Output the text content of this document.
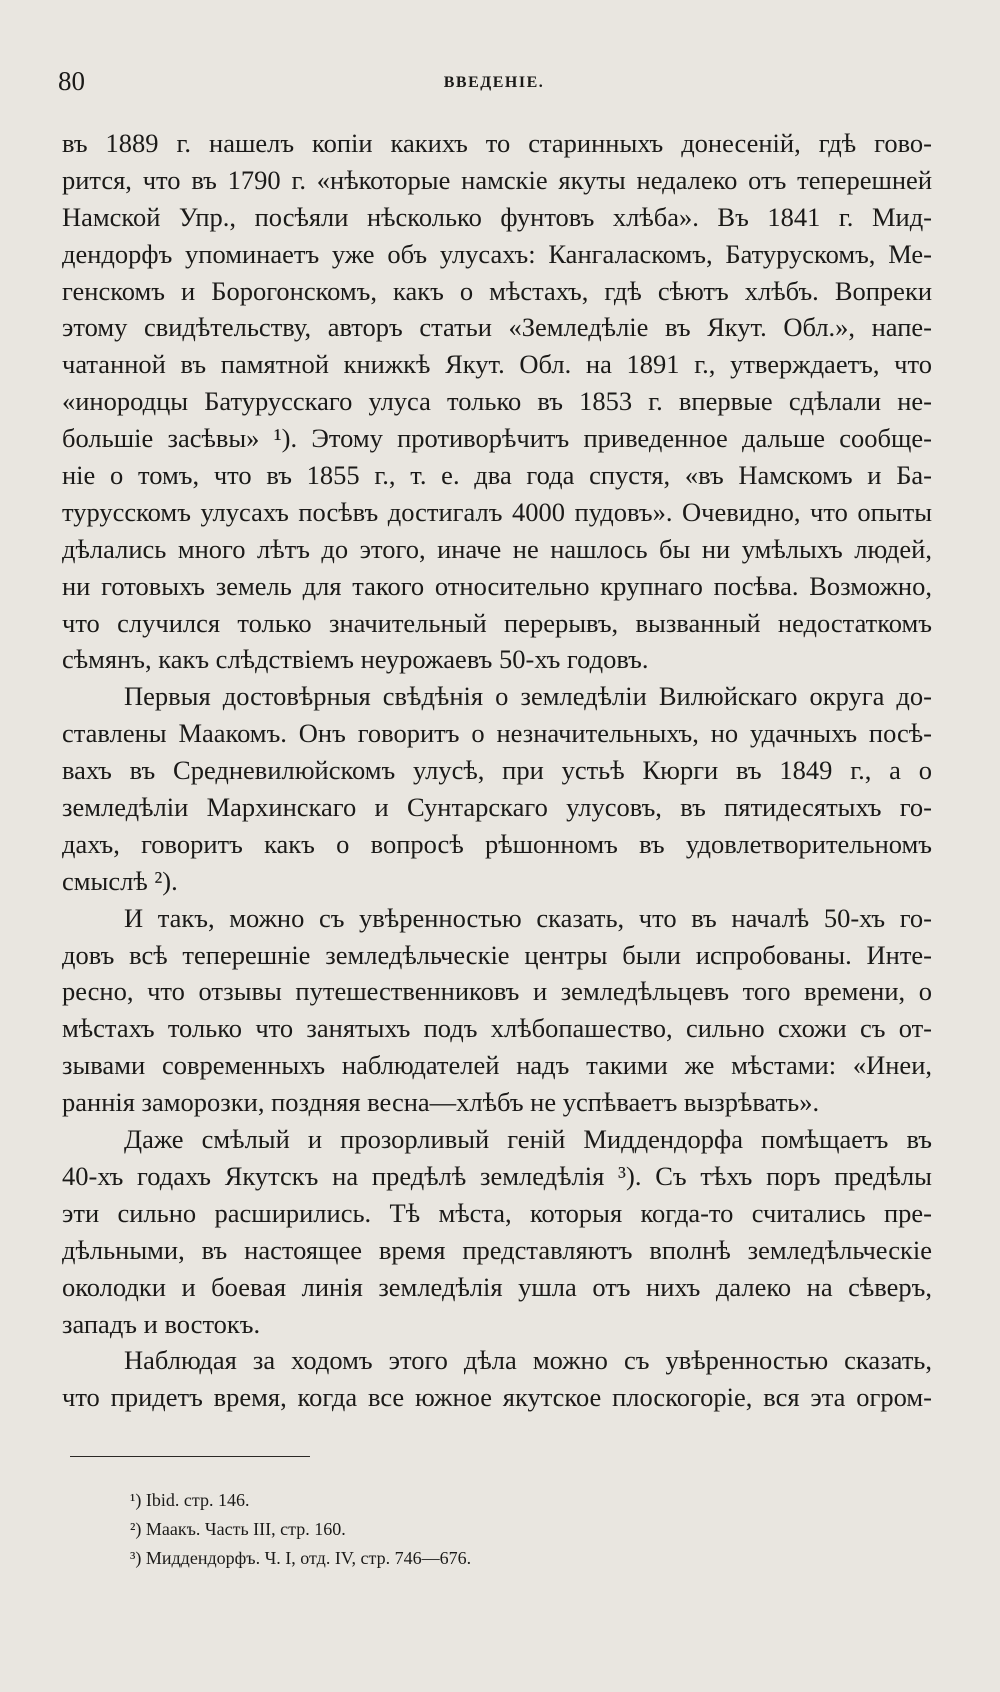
80	ВВЕДЕНІЕ.
въ 1889 г. нашелъ копіи какихъ то старинныхъ донесеній, гдѣ гово-
рится, что въ 1790 г. «нѣкоторые намскіе якуты недалеко отъ теперешней
Намской Упр., посѣяли нѣсколько фунтовъ хлѣба». Въ 1841 г. Мид-
дендорфъ упоминаетъ уже объ улусахъ: Кангаласкомъ, Батурускомъ, Ме-
генскомъ и Борогонскомъ, какъ о мѣстахъ, гдѣ сѣютъ хлѣбъ. Вопреки
этому свидѣтельству, авторъ статьи «Земледѣліе въ Якут. Обл.», напе-
чатанной въ памятной книжкѣ Якут. Обл. на 1891 г., утверждаетъ, что
«инородцы Батурусскаго улуса только въ 1853 г. впервые сдѣлали не-
большіе засѣвы» ¹). Этому противорѣчитъ приведенное дальше сообще-
ніе о томъ, что въ 1855 г., т. е. два года спустя, «въ Намскомъ и Ба-
турусскомъ улусахъ посѣвъ достигалъ 4000 пудовъ». Очевидно, что опыты
дѣлались много лѣтъ до этого, иначе не нашлось бы ни умѣлыхъ людей,
ни готовыхъ земель для такого относительно крупнаго посѣва. Возможно,
что случился только значительный перерывъ, вызванный недостаткомъ
сѣмянъ, какъ слѣдствіемъ неурожаевъ 50-хъ годовъ.
Первыя достовѣрныя свѣдѣнія о земледѣліи Вилюйскаго округа до-
ставлены Маакомъ. Онъ говоритъ о незначительныхъ, но удачныхъ посѣ-
вахъ въ Средневилюйскомъ улусѣ, при устьѣ Кюрги въ 1849 г., а о
земледѣліи Мархинскаго и Сунтарскаго улусовъ, въ пятидесятыхъ го-
дахъ, говоритъ какъ о вопросѣ рѣшонномъ въ удовлетворительномъ
смыслѣ ²).
И такъ, можно съ увѣренностью сказать, что въ началѣ 50-хъ го-
довъ всѣ теперешніе земледѣльческіе центры были испробованы. Инте-
ресно, что отзывы путешественниковъ и земледѣльцевъ того времени, о
мѣстахъ только что занятыхъ подъ хлѣбопашество, сильно схожи съ от-
зывами современныхъ наблюдателей надъ такими же мѣстами: «Инеи,
раннія заморозки, поздняя весна—хлѣбъ не успѣваетъ вызрѣвать».
Даже смѣлый и прозорливый геній Миддендорфа помѣщаетъ въ
40-хъ годахъ Якутскъ на предѣлѣ земледѣлія ³). Съ тѣхъ поръ предѣлы
эти сильно расширились. Тѣ мѣста, которыя когда-то считались пре-
дѣльными, въ настоящее время представляютъ вполнѣ земледѣльческіе
околодки и боевая линія земледѣлія ушла отъ нихъ далеко на сѣверъ,
западъ и востокъ.
Наблюдая за ходомъ этого дѣла можно съ увѣренностью сказать,
что придетъ время, когда все южное якутское плоскогоріе, вся эта огром-
¹) Ibid. стр. 146.
²) Маакъ. Часть III, стр. 160.
³) Миддендорфъ. Ч. I, отд. IV, стр. 746—676.
